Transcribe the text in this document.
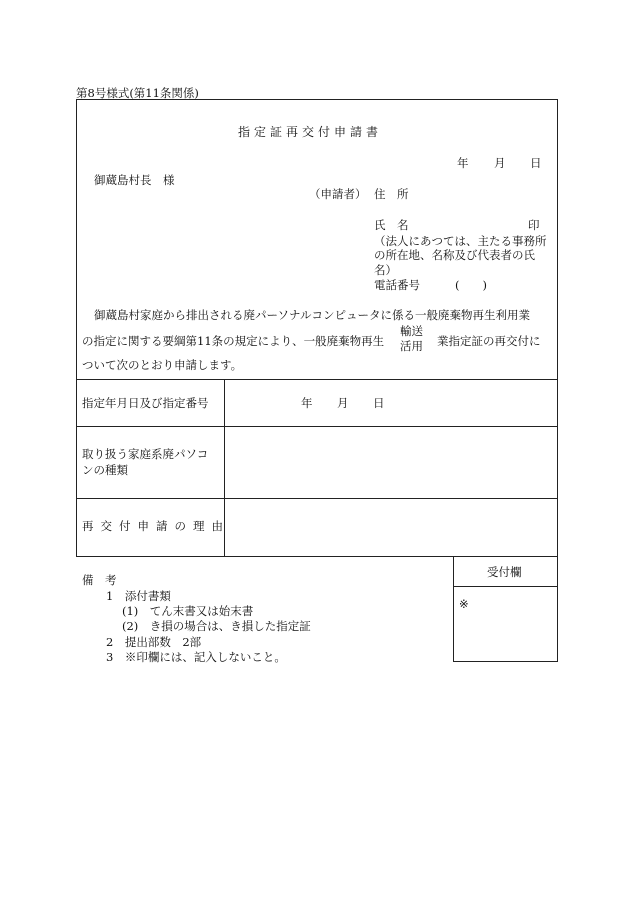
第8号様式(第11条関係)
指定証再交付申請書
年 月 日
御蔵島村長　様
（申請者） 住　所
氏　名	印
（法人にあつては、主たる事務所
の所在地、名称及び代表者の氏
名）
電話番号	(　　)
御蔵島村家庭から排出される廃パーソナルコンピュータに係る一般廃棄物再生利用業
の指定に関する要綱第11条の規定により、一般廃棄物再生
輸送
活用 業指定証の再交付に
ついて次のとおり申請します。
指定年月日及び指定番号	年 月 日
取り扱う家庭系廃パソコ
ンの種類
再交付申請の理由
備　考
1　添付書類
(1)　てん末書又は始末書
(2)　き損の場合は、き損した指定証
2　提出部数　2部
3　※印欄には、記入しないこと。
受付欄
※
